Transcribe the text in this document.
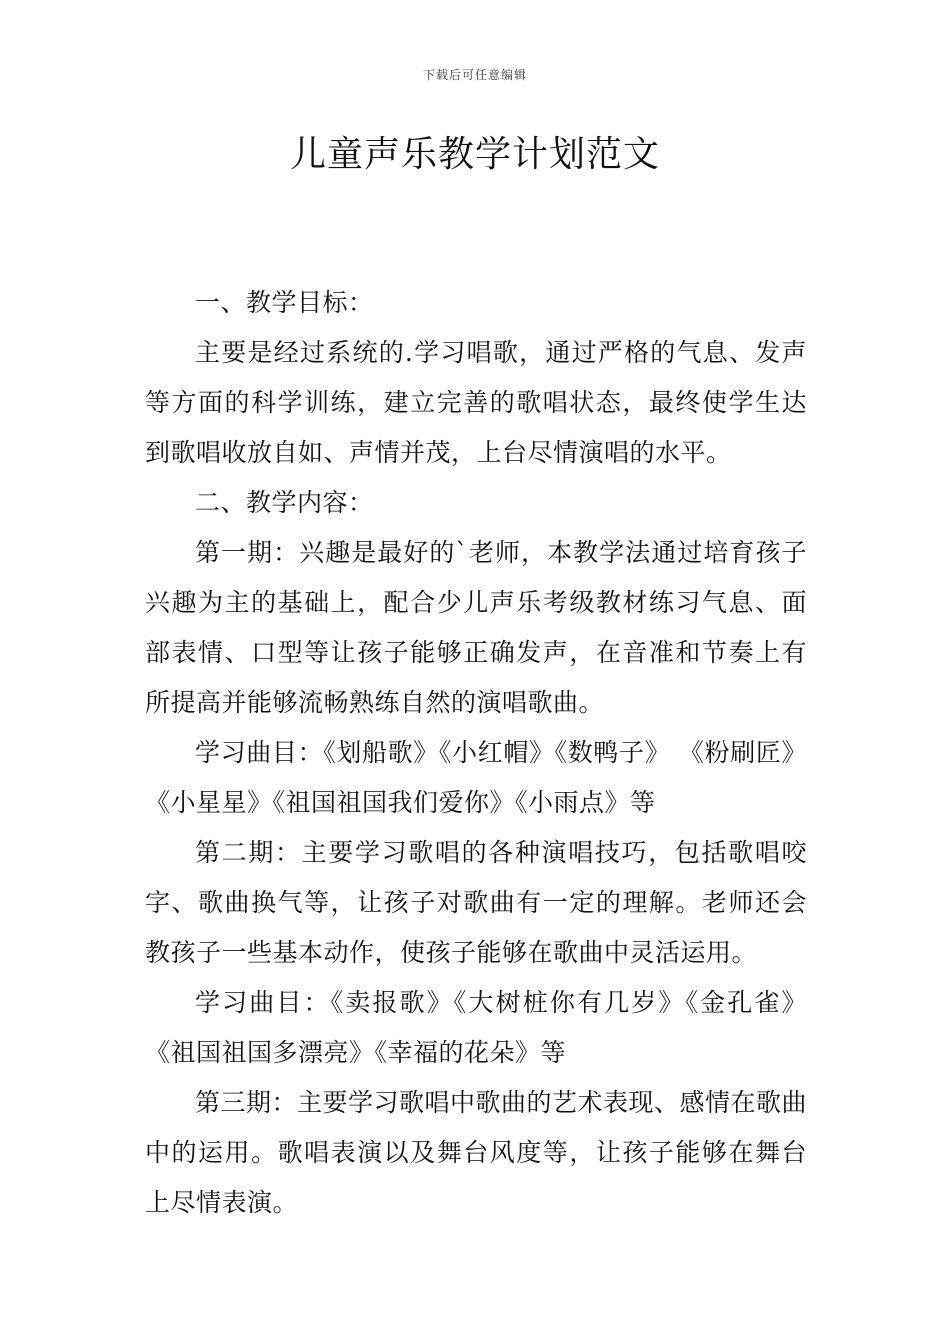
下载后可任意编辑
儿童声乐教学计划范文

一、教学目标：

主要是经过系统的.学习唱歌，通过严格的气息、发声等方面的科学训练，建立完善的歌唱状态，最终使学生达到歌唱收放自如、声情并茂，上台尽情演唱的水平。

二、教学内容：

第一期：兴趣是最好的`老师，本教学法通过培育孩子兴趣为主的基础上，配合少儿声乐考级教材练习气息、面部表情、口型等让孩子能够正确发声，在音准和节奏上有所提高并能够流畅熟练自然的演唱歌曲。

学习曲目：《划船歌》《小红帽》《数鸭子》 《粉刷匠》《小星星》《祖国祖国我们爱你》《小雨点》等

第二期：主要学习歌唱的各种演唱技巧，包括歌唱咬字、歌曲换气等，让孩子对歌曲有一定的理解。老师还会教孩子一些基本动作，使孩子能够在歌曲中灵活运用。

学习曲目：《卖报歌》《大树桩你有几岁》《金孔雀》《祖国祖国多漂亮》《幸福的花朵》等

第三期：主要学习歌唱中歌曲的艺术表现、感情在歌曲中的运用。歌唱表演以及舞台风度等，让孩子能够在舞台上尽情表演。
